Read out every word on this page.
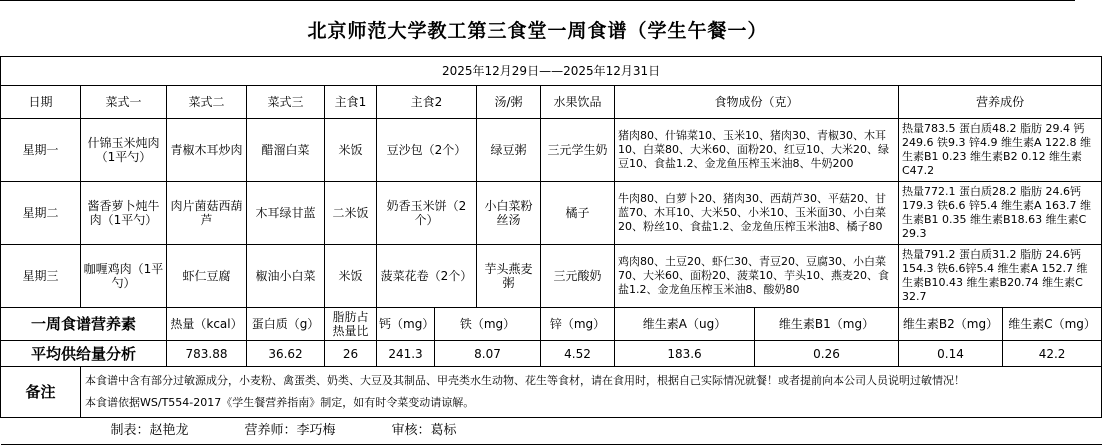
北京师范大学教工第三食堂一周食谱（学生午餐一）
2025年12月29日——2025年12月31日												
日期	菜式一	菜式二	菜式三	主食1	主食2		汤/粥	水果饮品	食物成份（克）		营养成份	
星期一	什锦玉米炖肉（1平勺）	青椒木耳炒肉	醋溜白菜	米饭	豆沙包（2个）		绿豆粥	三元学生奶	猪肉80、什锦菜10、玉米10、猪肉30、青椒30、木耳10、白菜80、大米60、面粉20、红豆10、大米20、绿豆10、食盐1.2、金龙鱼压榨玉米油8、牛奶200		热量783.5 蛋白质48.2 脂肪 29.4 钙 249.6 铁9.3 锌4.9 维生素A 122.8 维生素B1 0.23 维生素B2 0.12 维生素C47.2	
星期二	酱香萝卜炖牛肉（1平勺）	肉片菌菇西葫芦	木耳绿甘蓝	二米饭	奶香玉米饼（2个）		小白菜粉丝汤	橘子	牛肉80、白萝卜20、猪肉30、西葫芦30、平菇20、甘蓝70、木耳10、大米50、小米10、玉米面30、小白菜20、粉丝10、食盐1.2、金龙鱼压榨玉米油8、橘子80		热量772.1 蛋白质28.2 脂肪 24.6钙 179.3 铁6.6 锌5.4 维生素A 163.7 维生素B1 0.35 维生素B18.63 维生素C 29.3	
星期三	咖喱鸡肉（1平勺）	虾仁豆腐	椒油小白菜	米饭	菠菜花卷（2个）		芋头燕麦粥	三元酸奶	鸡肉80、土豆20、虾仁30、青豆20、豆腐30、小白菜70、大米60、面粉20、菠菜10、芋头10、燕麦20、食盐1.2、金龙鱼压榨玉米油8、酸奶80		热量791.2 蛋白质31.2 脂肪 24.6钙 154.3 铁6.6锌5.4 维生素A 152.7 维生素B10.43 维生素B20.74 维生素C 32.7	
一周食谱营养素		热量（kcal）	蛋白质（g）	脂肪占热量比	钙（mg）	铁（mg）		锌（mg）	维生素A（ug）	维生素B1（mg）	维生素B2（mg）	维生素C（mg）
平均供给量分析		783.88	36.62	26	241.3	8.07		4.52	183.6	0.26	0.14	42.2
备注	本食谱中含有部分过敏源成分，小麦粉、禽蛋类、奶类、大豆及其制品、甲壳类水生动物、花生等食材，请在食用时，根据自己实际情况就餐！或者提前向本公司人员说明过敏情况！
本食谱依据WS/T554-2017《学生餐营养指南》制定，如有时令菜变动请谅解。											

制表：赵艳龙 营养师：李巧梅 审核：葛标												
